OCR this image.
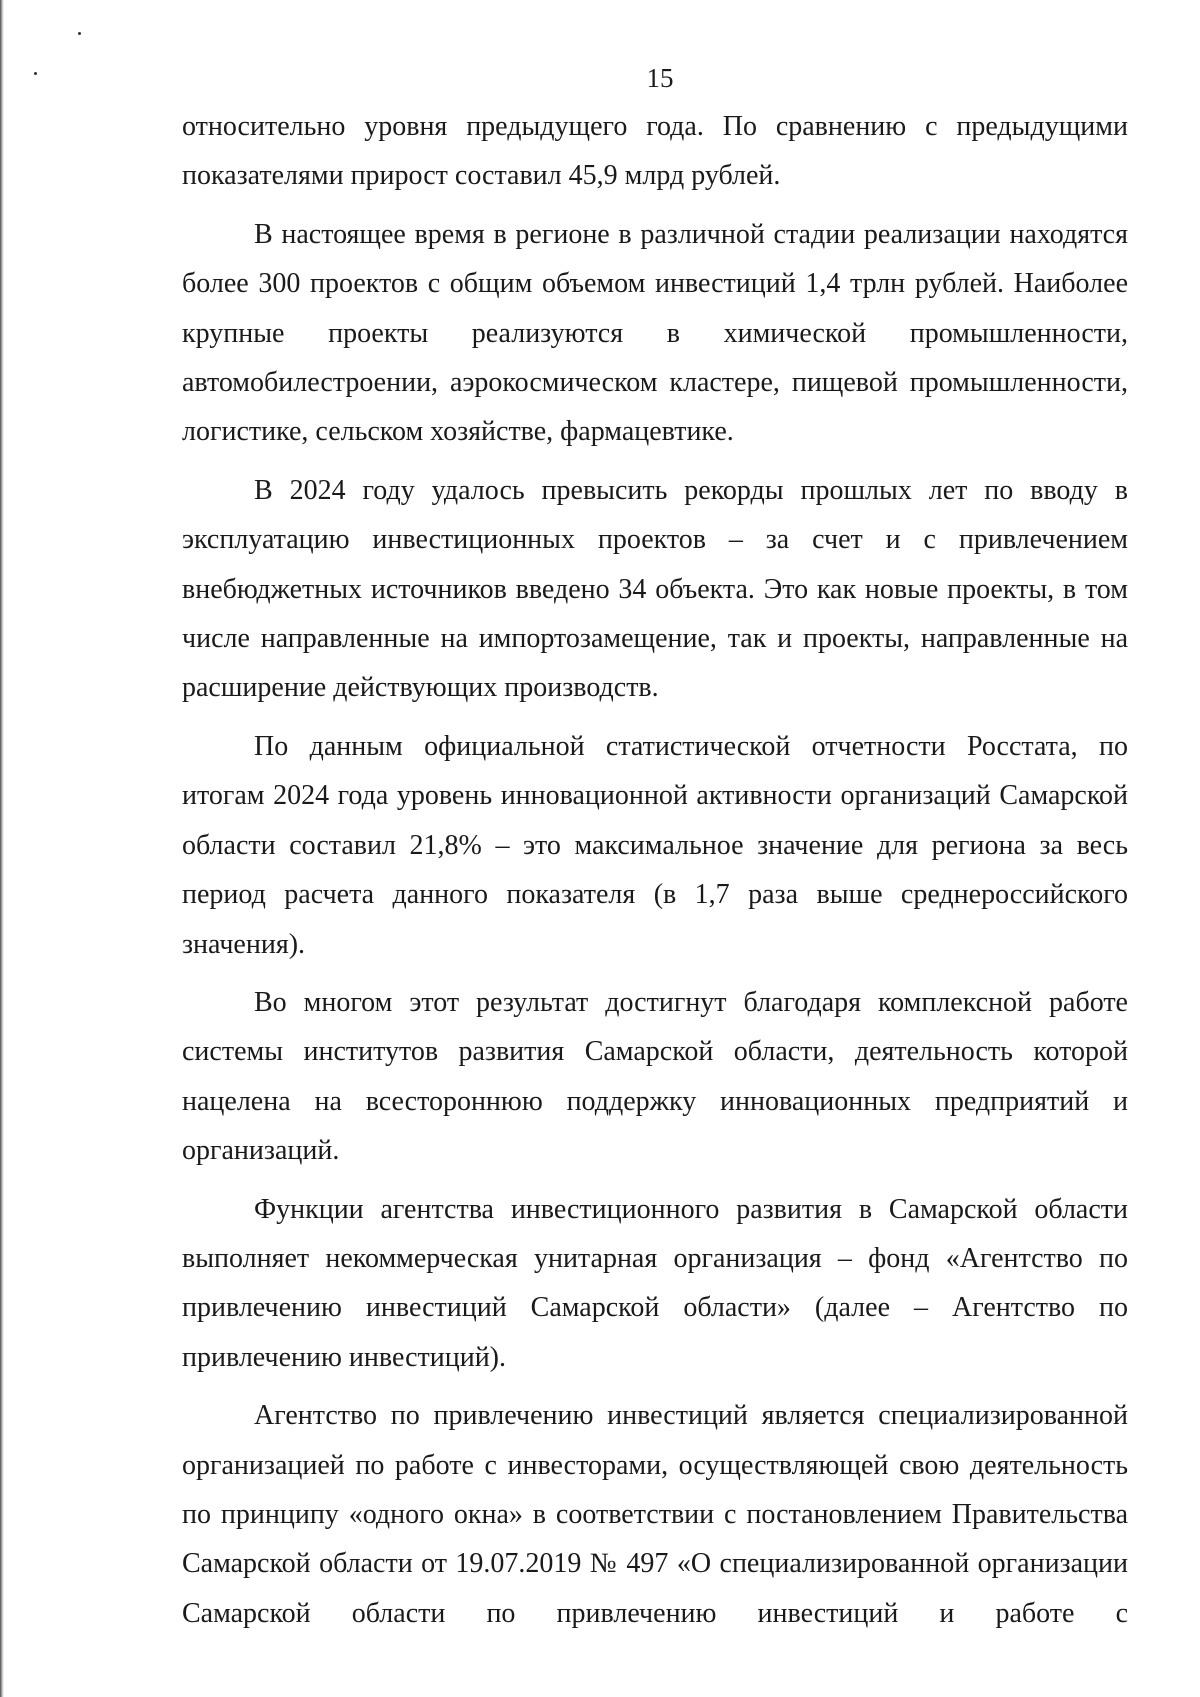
15

относительно уровня предыдущего года. По сравнению с предыдущими показателями прирост составил 45,9 млрд рублей.

В настоящее время в регионе в различной стадии реализации находятся более 300 проектов с общим объемом инвестиций 1,4 трлн рублей. Наиболее крупные проекты реализуются в химической промышленности, автомобилестроении, аэрокосмическом кластере, пищевой промышленности, логистике, сельском хозяйстве, фармацевтике.

В 2024 году удалось превысить рекорды прошлых лет по вводу в эксплуатацию инвестиционных проектов – за счет и с привлечением внебюджетных источников введено 34 объекта. Это как новые проекты, в том числе направленные на импортозамещение, так и проекты, направленные на расширение действующих производств.

По данным официальной статистической отчетности Росстата, по итогам 2024 года уровень инновационной активности организаций Самарской области составил 21,8% – это максимальное значение для региона за весь период расчета данного показателя (в 1,7 раза выше среднероссийского значения).

Во многом этот результат достигнут благодаря комплексной работе системы институтов развития Самарской области, деятельность которой нацелена на всестороннюю поддержку инновационных предприятий и организаций.

Функции агентства инвестиционного развития в Самарской области выполняет некоммерческая унитарная организация – фонд «Агентство по привлечению инвестиций Самарской области» (далее – Агентство по привлечению инвестиций).

Агентство по привлечению инвестиций является специализированной организацией по работе с инвесторами, осуществляющей свою деятельность по принципу «одного окна» в соответствии с постановлением Правительства Самарской области от 19.07.2019 № 497 «О специализированной организации Самарской области по привлечению инвестиций и работе с
